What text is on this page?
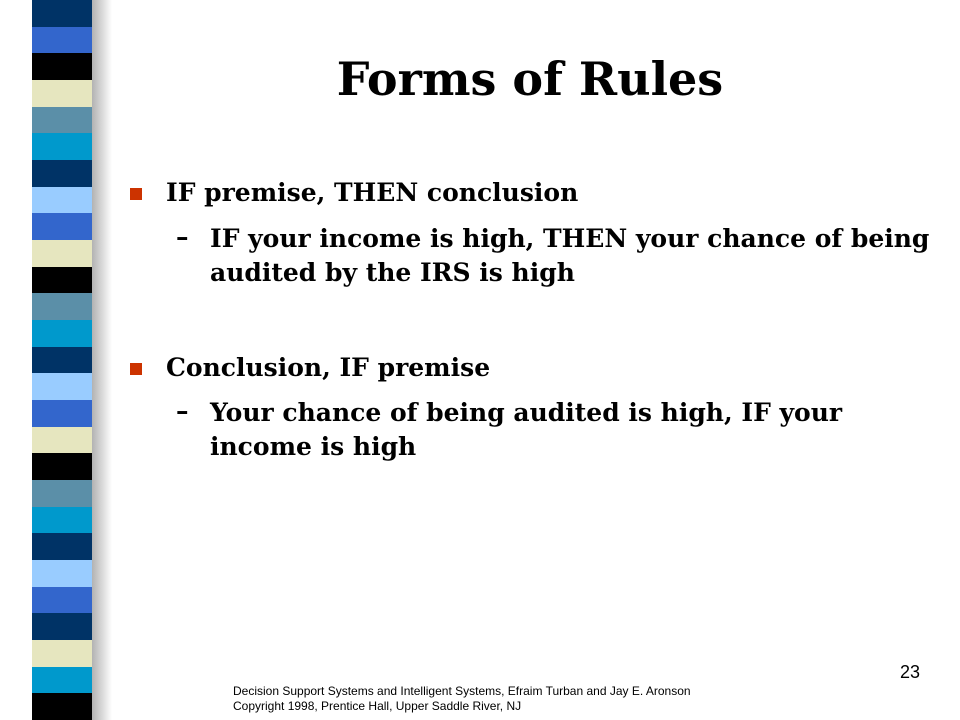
Forms of Rules
IF premise, THEN conclusion
– IF your income is high, THEN your chance of being audited by the IRS is high
Conclusion, IF premise
– Your chance of being audited is high, IF your income is high
23
Decision Support Systems and Intelligent Systems, Efraim Turban and Jay E. Aronson
Copyright 1998, Prentice Hall, Upper Saddle River, NJ
